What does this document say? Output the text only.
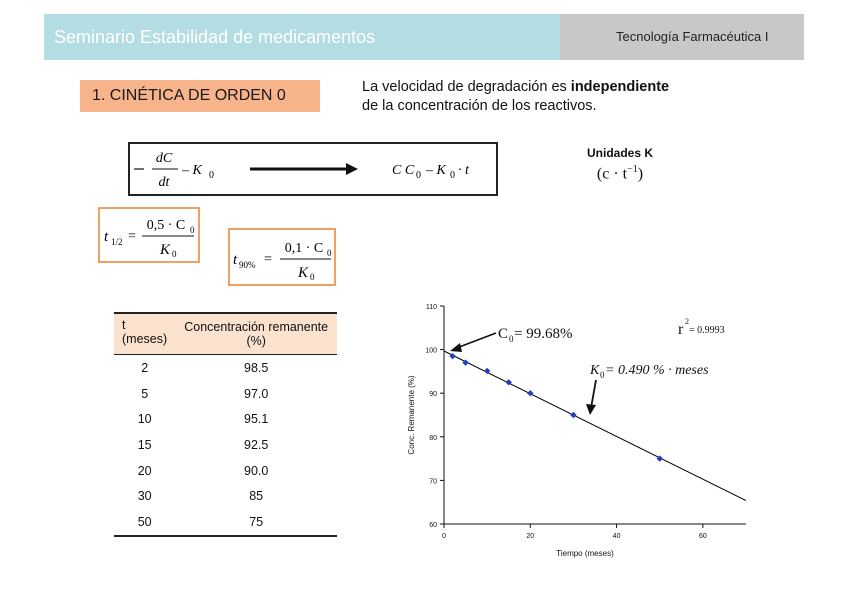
Seminario Estabilidad de medicamentos	Tecnología Farmacéutica I
1. CINÉTICA DE ORDEN 0	La velocidad de degradación es independiente
de la concentración de los reactivos.
dC
dt
– K 0	C C 0 – K 0 · t
Unidades K
$(c \cdot t^{-1})$
t 1/2 =
0,5 · C 0
K 0	t 90% =
0,1 · C 0
K 0
t (meses)	Concentración remanente (%)
2	98.5
5	97.0
10	95.1
15	92.5
20	90.0
30	85
50	75	60
70
80
90
100
110
0	20	40	60
Tiempo (meses)
Conc. Remanente (%)
C 0 = 99.68%	r 2
= 0.9993
K 0 = 0.490 % · meses
